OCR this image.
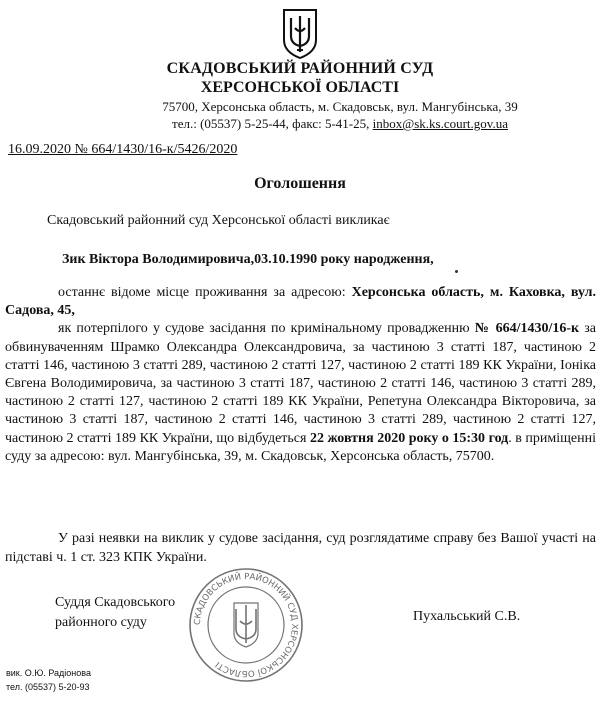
СКАДОВСЬКИЙ РАЙОННИЙ СУД
ХЕРСОНСЬКОЇ ОБЛАСТІ
75700, Херсонська область, м. Скадовськ, вул. Мангубінська, 39
тел.: (05537) 5-25-44, факс: 5-41-25, inbox@sk.ks.court.gov.ua
16.09.2020 № 664/1430/16-к/5426/2020
Оголошення
Скадовський районний суд Херсонської області викликає
Зик Віктора Володимировича,03.10.1990 року народження,

останнє відоме місце проживання за адресою: Херсонська область, м. Каховка, вул. Садова, 45,

як потерпілого у судове засідання по кримінальному провадженню № 664/1430/16-к за обвинуваченням Шрамко Олександра Олександровича, за частиною 3 статті 187, частиною 2 статті 146, частиною 3 статті 289, частиною 2 статті 127, частиною 2 статті 189 КК України, Іоніка Євгена Володимировича, за частиною 3 статті 187, частиною 2 статті 146, частиною 3 статті 289, частиною 2 статті 127, частиною 2 статті 189 КК України, Репетуна Олександра Вікторовича, за частиною 3 статті 187, частиною 2 статті 146, частиною 3 статті 289, частиною 2 статті 127, частиною 2 статті 189 КК України, що відбудеться 22 жовтня 2020 року о 15:30 год. в приміщенні суду за адресою: вул. Мангубінська, 39, м. Скадовськ, Херсонська область, 75700.

У разі неявки на виклик у судове засідання, суд розглядатиме справу без Вашої участі на підставі ч. 1 ст. 323 КПК України.

Суддя Скадовського
районного суду	Пухальський С.В.
СКАДОВСЬКИЙ РАЙОННИЙ СУД ХЕРСОНСЬКОЇ ОБЛАСТІ
вик. О.Ю. Радіонова
тел. (05537) 5-20-93
